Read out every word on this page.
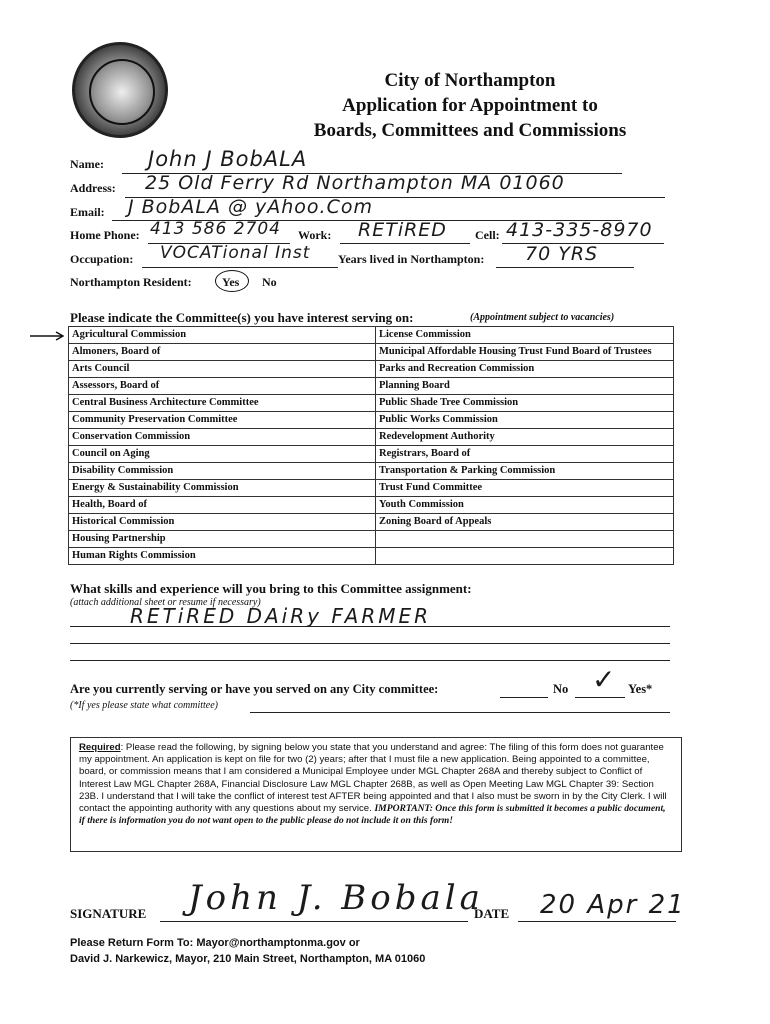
City of Northampton
Application for Appointment to
Boards, Committees and Commissions
Name: John J BobALA
Address: 25 Old Ferry Rd Northampton MA 01060
Email: J BobALA @ yAhoo.Com
Home Phone: 413 586 2704 Work: RETiRED Cell: 413-335-8970
Occupation: VOCATional Inst Years lived in Northampton: 70 YRS
Northampton Resident:	Yes No
Please indicate the Committee(s) you have interest serving on:	(Appointment subject to vacancies)
Agricultural Commission	License Commission
Almoners, Board of	Municipal Affordable Housing Trust Fund Board of Trustees
Arts Council	Parks and Recreation Commission
Assessors, Board of	Planning Board
Central Business Architecture Committee	Public Shade Tree Commission
Community Preservation Committee	Public Works Commission
Conservation Commission	Redevelopment Authority
Council on Aging	Registrars, Board of
Disability Commission	Transportation & Parking Commission
Energy & Sustainability Commission	Trust Fund Committee
Health, Board of	Youth Commission
Historical Commission	Zoning Board of Appeals
Housing Partnership	
Human Rights Commission	
What skills and experience will you bring to this Committee assignment:
(attach additional sheet or resume if necessary)
RETiRED DAiRy FARMER
Are you currently serving or have you served on any City committee:	No ✓ Yes*
(*If yes please state what committee)
Required: Please read the following, by signing below you state that you understand and agree: The filing of this form does not guarantee my appointment. An application is kept on file for two (2) years; after that I must file a new application. Being appointed to a committee, board, or commission means that I am considered a Municipal Employee under MGL Chapter 268A and thereby subject to Conflict of Interest Law MGL Chapter 268A, Financial Disclosure Law MGL Chapter 268B, as well as Open Meeting Law MGL Chapter 39: Section 23B. I understand that I will take the conflict of interest test AFTER being appointed and that I also must be sworn in by the City Clerk. I will contact the appointing authority with any questions about my service. IMPORTANT: Once this form is submitted it becomes a public document, if there is information you do not want open to the public please do not include it on this form!
SIGNATURE John J. Bobala
DATE 20 Apr 21
Please Return Form To: Mayor@northamptonma.gov or
David J. Narkewicz, Mayor, 210 Main Street, Northampton, MA 01060
